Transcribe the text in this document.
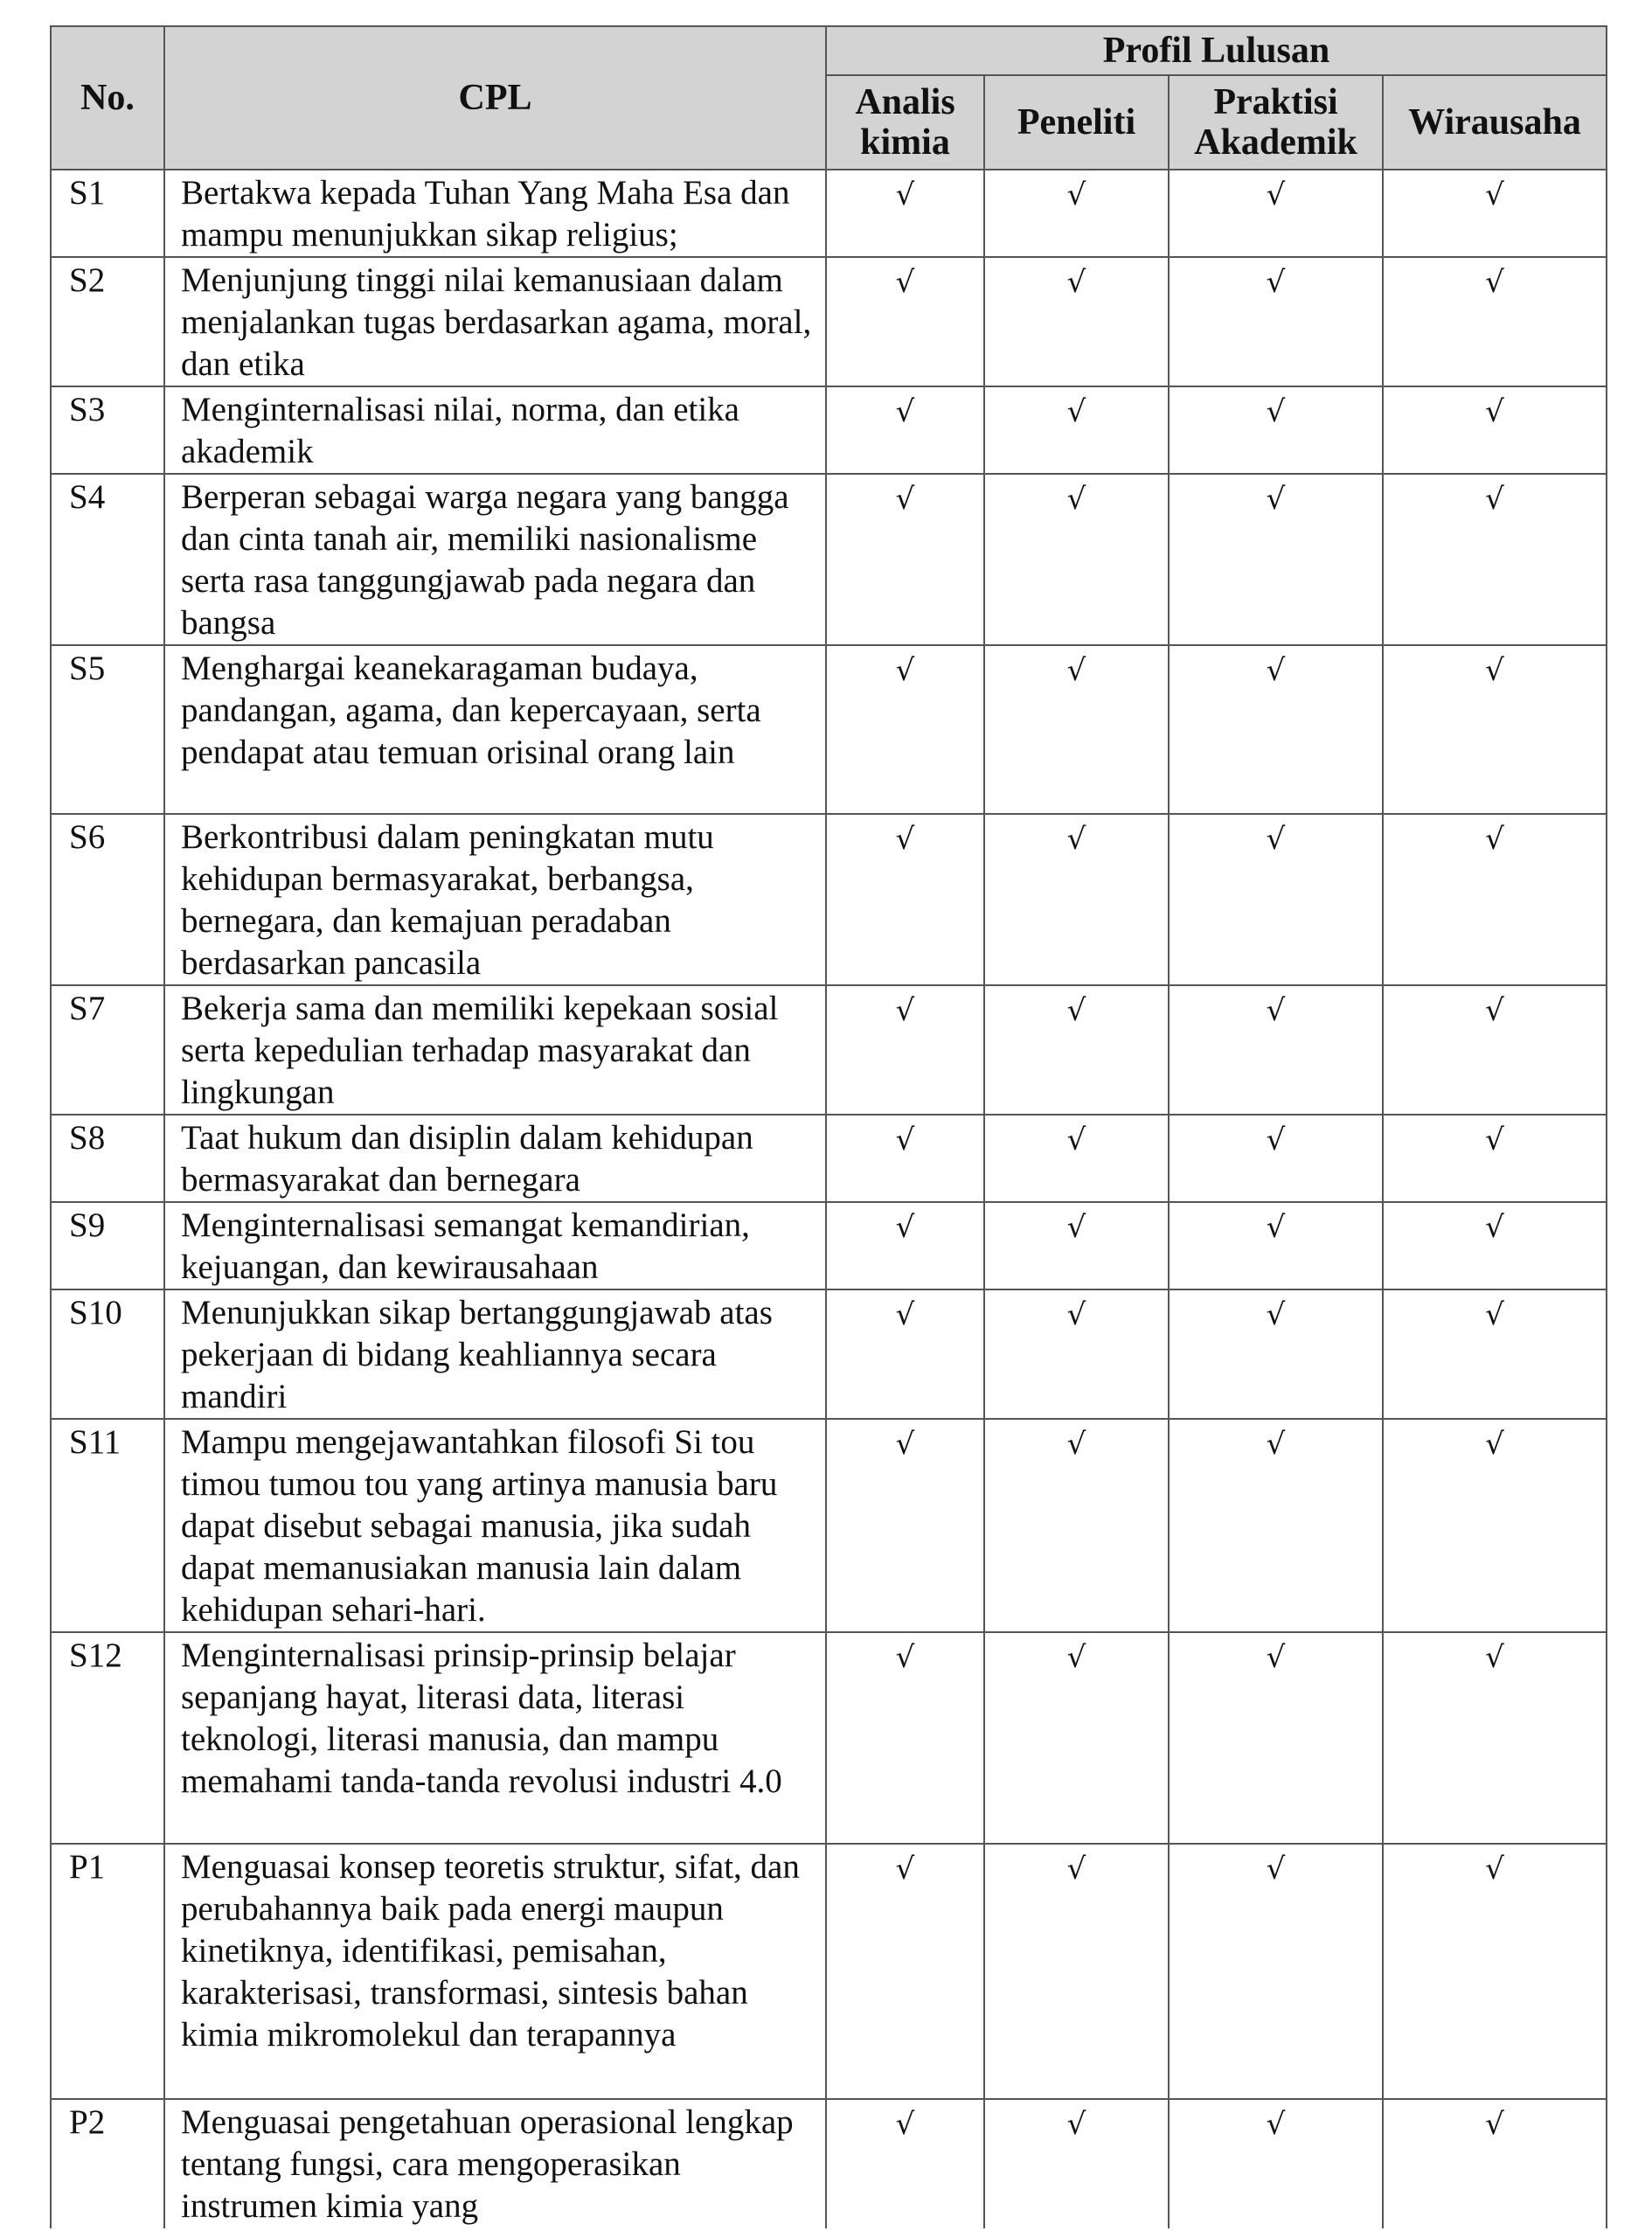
No.	CPL	Profil Lulusan			
		Analis kimia	Peneliti	Praktisi Akademik	Wirausaha
S1	Bertakwa kepada Tuhan Yang Maha Esa dan mampu menunjukkan sikap religius;	√	√	√	√
S2	Menjunjung tinggi nilai kemanusiaan dalam menjalankan tugas berdasarkan agama, moral, dan etika	√	√	√	√
S3	Menginternalisasi nilai, norma, dan etika akademik	√	√	√	√
S4	Berperan sebagai warga negara yang bangga dan cinta tanah air, memiliki nasionalisme serta rasa tanggungjawab pada negara dan bangsa	√	√	√	√
S5	Menghargai keanekaragaman budaya, pandangan, agama, dan kepercayaan, serta pendapat atau temuan orisinal orang lain	√	√	√	√
S6	Berkontribusi dalam peningkatan mutu kehidupan bermasyarakat, berbangsa, bernegara, dan kemajuan peradaban berdasarkan pancasila	√	√	√	√
S7	Bekerja sama dan memiliki kepekaan sosial serta kepedulian terhadap masyarakat dan lingkungan	√	√	√	√
S8	Taat hukum dan disiplin dalam kehidupan bermasyarakat dan bernegara	√	√	√	√
S9	Menginternalisasi semangat kemandirian, kejuangan, dan kewirausahaan	√	√	√	√
S10	Menunjukkan sikap bertanggungjawab atas pekerjaan di bidang keahliannya secara mandiri	√	√	√	√
S11	Mampu mengejawantahkan filosofi Si tou timou tumou tou yang artinya manusia baru dapat disebut sebagai manusia, jika sudah dapat memanusiakan manusia lain dalam kehidupan sehari-hari.	√	√	√	√
S12	Menginternalisasi prinsip-prinsip belajar sepanjang hayat, literasi data, literasi teknologi, literasi manusia, dan mampu memahami tanda-tanda revolusi industri 4.0	√	√	√	√
P1	Menguasai konsep teoretis struktur, sifat, dan perubahannya baik pada energi maupun kinetiknya, identifikasi, pemisahan, karakterisasi, transformasi, sintesis bahan kimia mikromolekul dan terapannya	√	√	√	√
P2	Menguasai pengetahuan operasional lengkap tentang fungsi, cara mengoperasikan instrumen kimia yang	√	√	√	√
